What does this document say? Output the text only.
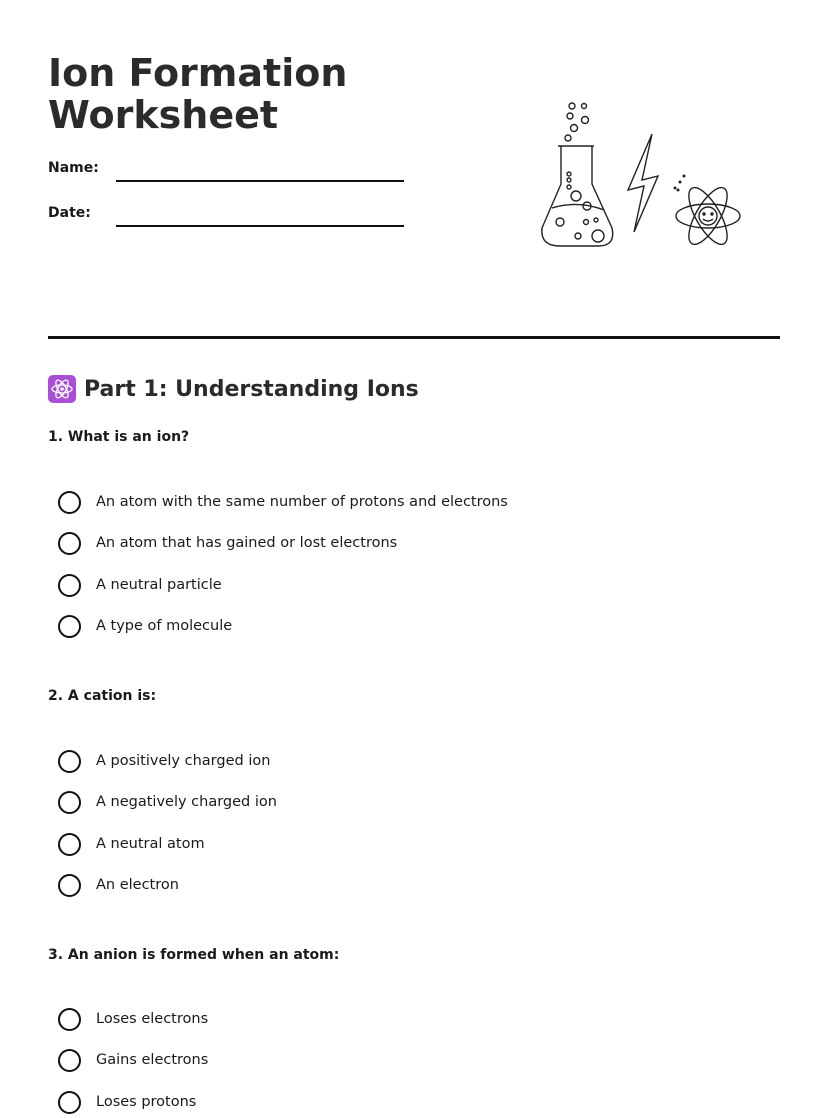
Ion Formation
Worksheet
Name:
Date:
Part 1: Understanding Ions
1. What is an ion?
An atom with the same number of protons and electrons
An atom that has gained or lost electrons
A neutral particle
A type of molecule
2. A cation is:
A positively charged ion
A negatively charged ion
A neutral atom
An electron
3. An anion is formed when an atom:
Loses electrons
Gains electrons
Loses protons
